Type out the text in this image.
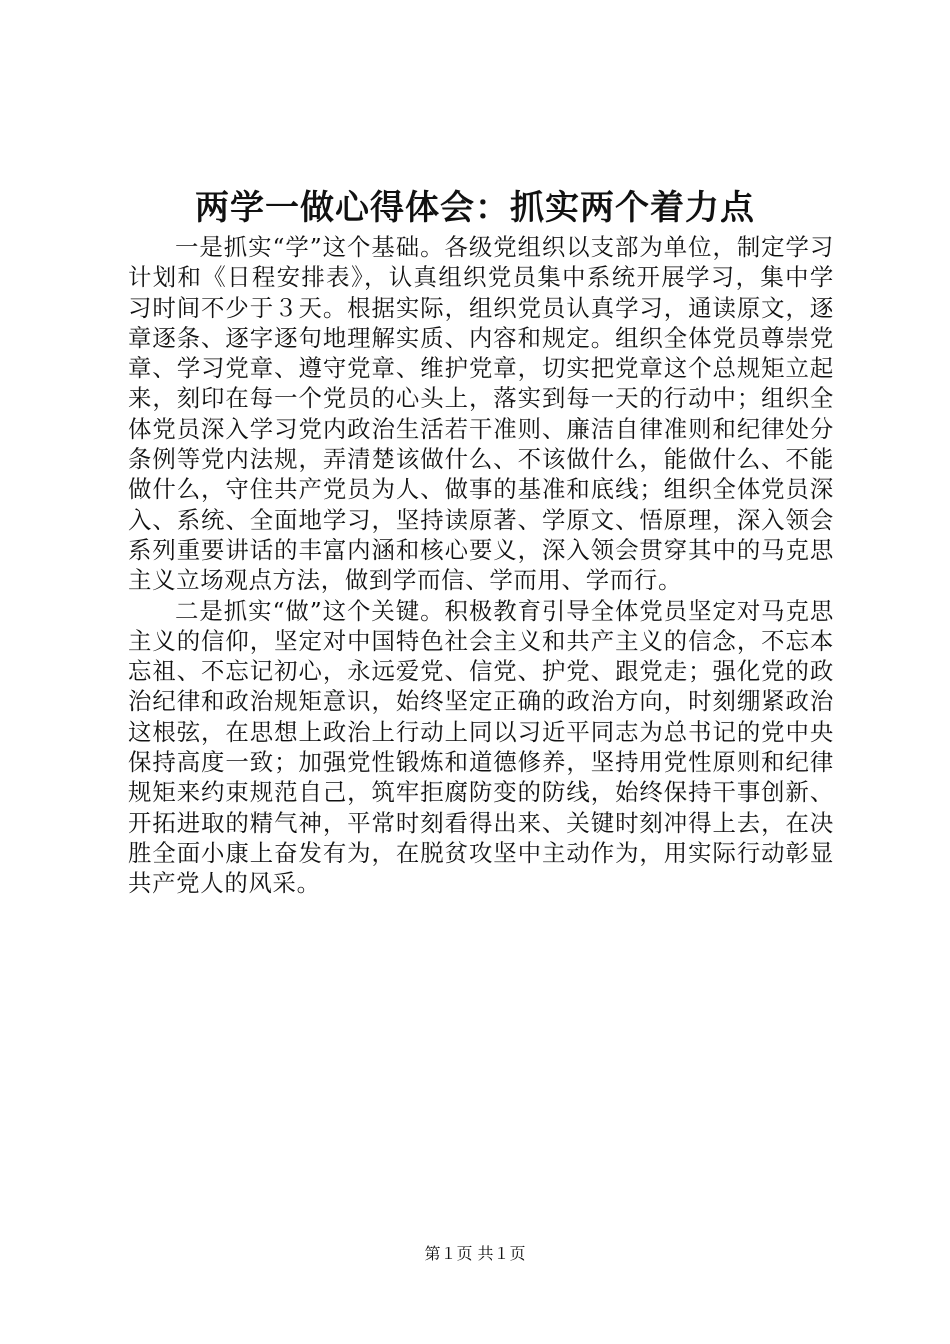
两学一做心得体会：抓实两个着力点

一是抓实“学”这个基础。各级党组织以支部为单位，制定学习计划和《日程安排表》，认真组织党员集中系统开展学习，集中学习时间不少于３天。根据实际，组织党员认真学习，通读原文，逐章逐条、逐字逐句地理解实质、内容和规定。组织全体党员尊崇党章、学习党章、遵守党章、维护党章，切实把党章这个总规矩立起来，刻印在每一个党员的心头上，落实到每一天的行动中；组织全体党员深入学习党内政治生活若干准则、廉洁自律准则和纪律处分条例等党内法规，弄清楚该做什么、不该做什么，能做什么、不能做什么，守住共产党员为人、做事的基准和底线；组织全体党员深入、系统、全面地学习，坚持读原著、学原文、悟原理，深入领会系列重要讲话的丰富内涵和核心要义，深入领会贯穿其中的马克思主义立场观点方法，做到学而信、学而用、学而行。

二是抓实“做”这个关键。积极教育引导全体党员坚定对马克思主义的信仰，坚定对中国特色社会主义和共产主义的信念，不忘本忘祖、不忘记初心，永远爱党、信党、护党、跟党走；强化党的政治纪律和政治规矩意识，始终坚定正确的政治方向，时刻绷紧政治这根弦，在思想上政治上行动上同以习近平同志为总书记的党中央保持高度一致；加强党性锻炼和道德修养，坚持用党性原则和纪律规矩来约束规范自己，筑牢拒腐防变的防线，始终保持干事创新、开拓进取的精气神，平常时刻看得出来、关键时刻冲得上去，在决胜全面小康上奋发有为，在脱贫攻坚中主动作为，用实际行动彰显共产党人的风采。

第１页 共１页
